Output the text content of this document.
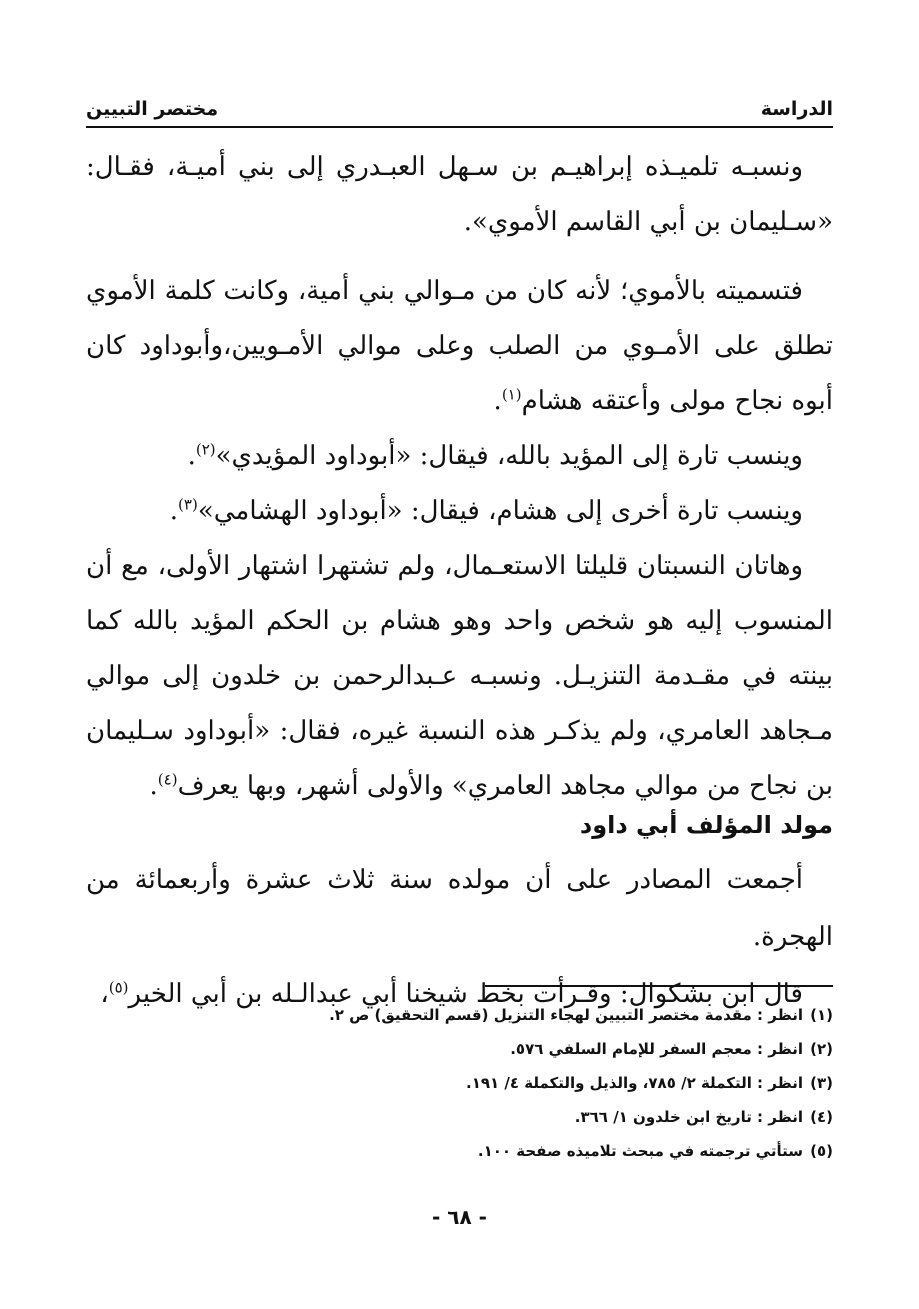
الدراسة
مختصر التبيين

ونسبـه تلميـذه إبراهيـم بن سـهل العبـدري إلى بني أميـة، فقـال: «سـليمان بن أبي القاسم الأموي».

فتسميته بالأموي؛ لأنه كان من مـوالي بني أمية، وكانت كلمة الأموي تطلق على الأمـوي من الصلب وعلى موالي الأمـويين،وأبوداود كان أبوه نجاح مولى وأعتقه هشام$^{(١)}$.

وينسب تارة إلى المؤيد بالله، فيقال: «أبوداود المؤيدي»$^{(٢)}$.

وينسب تارة أخرى إلى هشام، فيقال: «أبوداود الهشامي»$^{(٣)}$.

وهاتان النسبتان قليلتا الاستعـمال، ولم تشتهرا اشتهار الأولى، مع أن المنسوب إليه هو شخص واحد وهو هشام بن الحكم المؤيد بالله كما بينته في مقـدمة التنزيـل. ونسبـه عـبدالرحمن بن خلدون إلى موالي مـجاهد العامري، ولم يذكـر هذه النسبة غيره، فقال: «أبوداود سـليمان بن نجاح من موالي مجاهد العامري» والأولى أشهر، وبها يعرف$^{(٤)}$.

مولد المؤلف أبي داود

أجمعت المصادر على أن مولده سنة ثلاث عشرة وأربعمائة من الهجرة.

قال ابن بشكوال: وقـرأت بخط شيخنا أبي عبدالـله بن أبي الخير$^{(٥)}$،

(١)انظر : مقدمة مختصر التبيين لهجاء التنزيل (قسم التحقيق) ص ٢.

(٢)انظر : معجم السفر للإمام السلفي ٥٧٦.

(٣)انظر : التكملة ٢/ ٧٨٥، والذيل والتكملة ٤/ ١٩١.

(٤)انظر : تاريخ ابن خلدون ١/ ٣٦٦.

(٥)ستأتي ترجمته في مبحث تلاميذه صفحة ١٠٠.

- ٦٨ -
